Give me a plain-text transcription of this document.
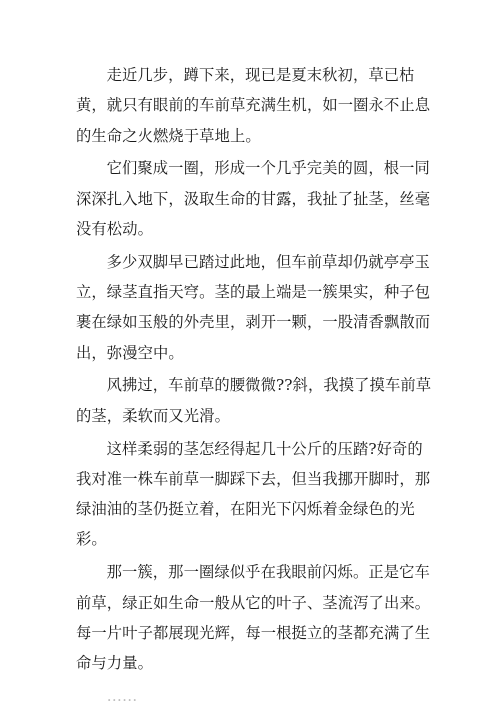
走近几步，蹲下来，现已是夏末秋初，草已枯黄，就只有眼前的车前草充满生机，如一圈永不止息的生命之火燃烧于草地上。

它们聚成一圈，形成一个几乎完美的圆，根一同深深扎入地下，汲取生命的甘露，我扯了扯茎，丝毫没有松动。

多少双脚早已踏过此地，但车前草却仍就亭亭玉立，绿茎直指天穹。茎的最上端是一簇果实，种子包裹在绿如玉般的外壳里，剥开一颗，一股清香飘散而出，弥漫空中。

风拂过，车前草的腰微微??斜，我摸了摸车前草的茎，柔软而又光滑。

这样柔弱的茎怎经得起几十公斤的压踏?好奇的我对准一株车前草一脚踩下去，但当我挪开脚时，那绿油油的茎仍挺立着，在阳光下闪烁着金绿色的光彩。

那一簇，那一圈绿似乎在我眼前闪烁。正是它车前草，绿正如生命一般从它的叶子、茎流泻了出来。每一片叶子都展现光辉，每一根挺立的茎都充满了生命与力量。

……
